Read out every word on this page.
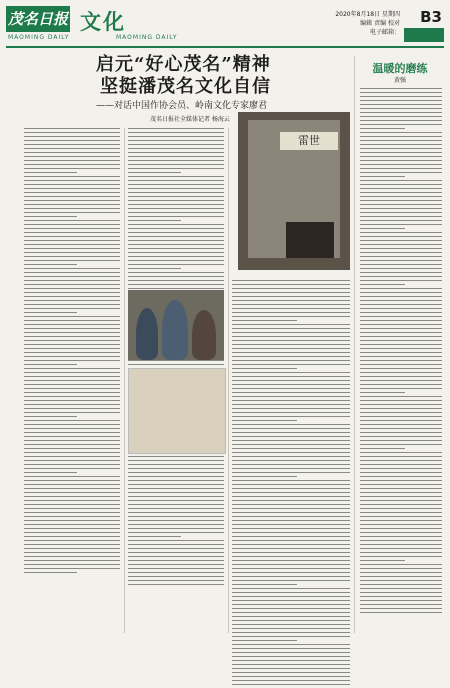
茂名日报
MAOMING DAILY
文化
MAOMING DAILY
2020年8月18日 星期四
编辑 责编 校对
电子邮箱：
B3
启元“好心茂名”精神
坚挺潘茂名文化自信
——对话中国作协会员、岭南文化专家廖君
茂名日报社全媒体记者 杨海云
雷世
温暖的磨练
黄强
